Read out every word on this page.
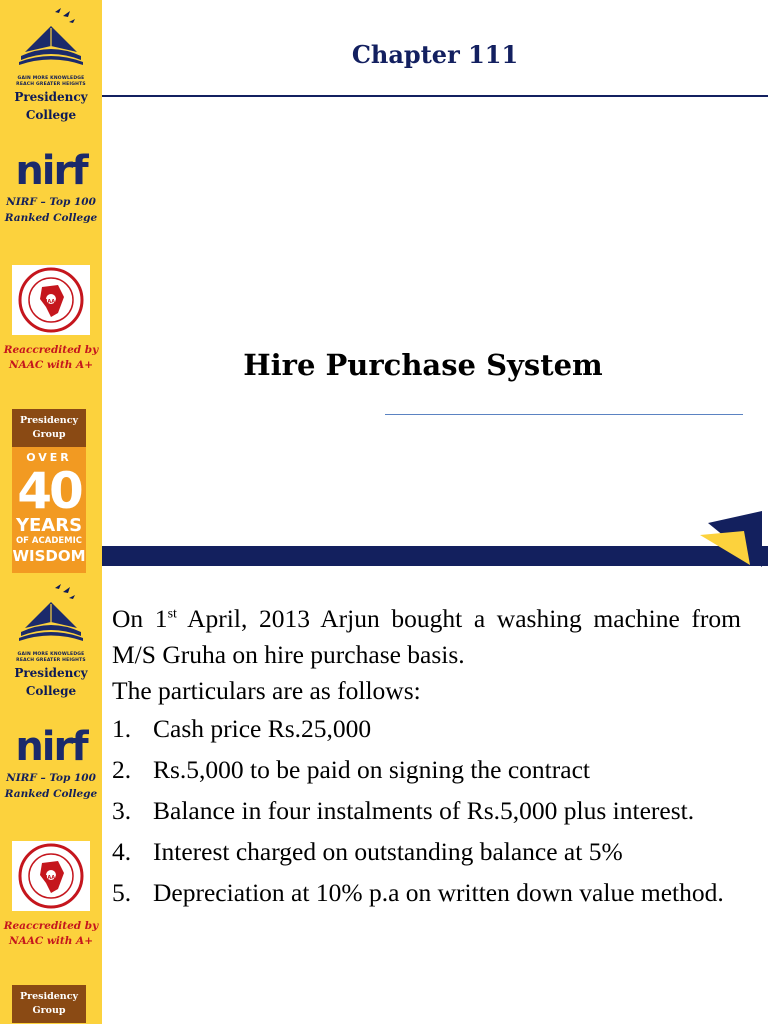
GAIN MORE KNOWLEDGE
REACH GREATER HEIGHTS
Presidency
College
nirf
NIRF – Top 100
Ranked College
NAAC
Reaccredited by
NAAC with A+
Presidency
Group
OVER
40
YEARS
OF ACADEMIC
WISDOM
Chapter 111
Hire Purchase System
GAIN MORE KNOWLEDGE
REACH GREATER HEIGHTS
Presidency
College
nirf
NIRF – Top 100
Ranked College
NAAC
Reaccredited by
NAAC with A+
Presidency
Group

On 1st April, 2013 Arjun bought a washing machine from M/S Gruha on hire purchase basis.

The particulars are as follows:

1. Cash price Rs.25,000
2. Rs.5,000 to be paid on signing the contract
3. Balance in four instalments of Rs.5,000 plus interest.
4. Interest charged on outstanding balance at 5%
5. Depreciation at 10% p.a on written down value method.
